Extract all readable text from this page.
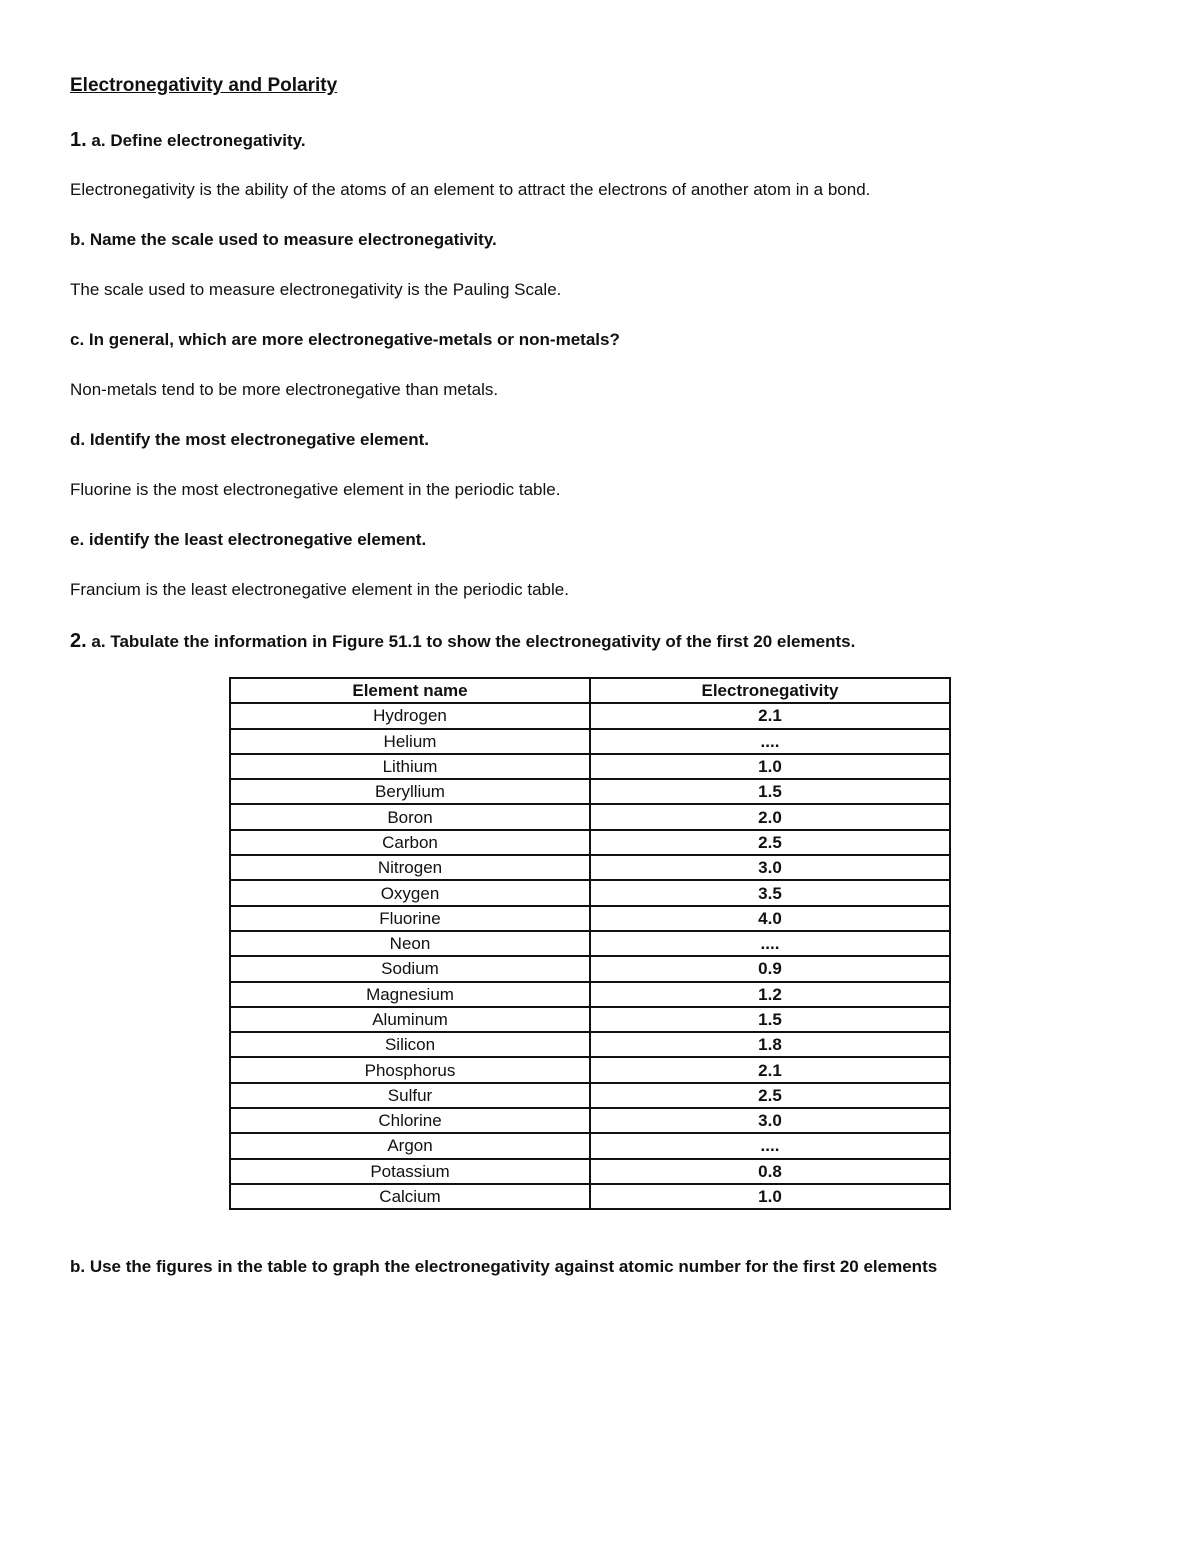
Electronegativity and Polarity
1. a. Define electronegativity.
Electronegativity is the ability of the atoms of an element to attract the electrons of another atom in a bond.
b. Name the scale used to measure electronegativity.
The scale used to measure electronegativity is the Pauling Scale.
c. In general, which are more electronegative-metals or non-metals?
Non-metals tend to be more electronegative than metals.
d. Identify the most electronegative element.
Fluorine is the most electronegative element in the periodic table.
e. identify the least electronegative element.
Francium is the least electronegative element in the periodic table.
2. a. Tabulate the information in Figure 51.1 to show the electronegativity of the first 20 elements.
Element name	Electronegativity
Hydrogen	2.1
Helium	....
Lithium	1.0
Beryllium	1.5
Boron	2.0
Carbon	2.5
Nitrogen	3.0
Oxygen	3.5
Fluorine	4.0
Neon	....
Sodium	0.9
Magnesium	1.2
Aluminum	1.5
Silicon	1.8
Phosphorus	2.1
Sulfur	2.5
Chlorine	3.0
Argon	....
Potassium	0.8
Calcium	1.0
b. Use the figures in the table to graph the electronegativity against atomic number for the first 20 elements
